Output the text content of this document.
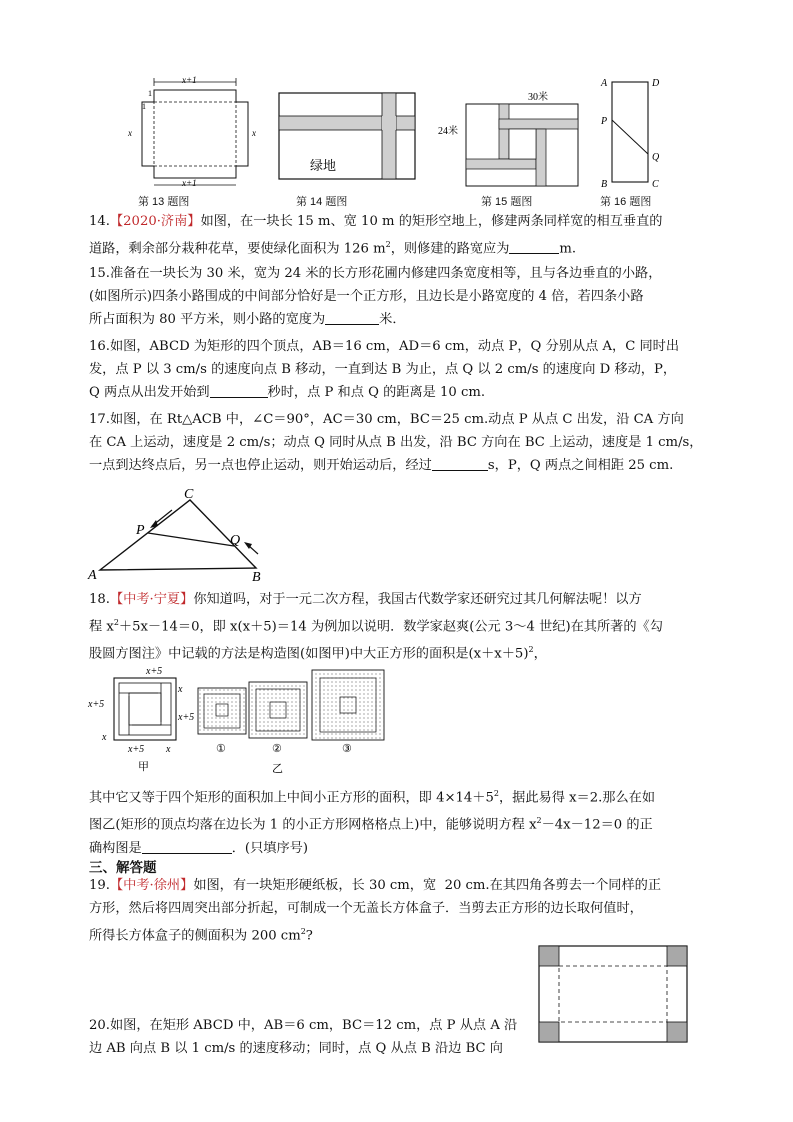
x+1
1
1
x	x
x+1
第 13 题图
绿地
第 14 题图
30米
24米
第 15 题图
A	D
P
Q
B	C
第 16 题图
14.【2020·济南】如图，在一块长 15 m、宽 10 m 的矩形空地上，修建两条同样宽的相互垂直的
道路，剩余部分栽种花草，要使绿化面积为 126 $m^2$，则修建的路宽应为	m.
15.准备在一块长为 30 米，宽为 24 米的长方形花圃内修建四条宽度相等，且与各边垂直的小路，
(如图所示)四条小路围成的中间部分恰好是一个正方形，且边长是小路宽度的 4 倍，若四条小路
所占面积为 80 平方米，则小路的宽度为	米．
16.如图，ABCD 为矩形的四个顶点，AB＝16 cm，AD＝6 cm，动点 P，Q 分别从点 A，C 同时出
发，点 P 以 3 cm/s 的速度向点 B 移动，一直到达 B 为止，点 Q 以 2 cm/s 的速度向 D 移动，P，
Q 两点从出发开始到	秒时，点 P 和点 Q 的距离是 10 cm.
17.如图，在 Rt△ACB 中，∠C＝90°，AC＝30 cm，BC＝25 cm.动点 P 从点 C 出发，沿 CA 方向
在 CA 上运动，速度是 2 cm/s；动点 Q 同时从点 B 出发，沿 BC 方向在 BC 上运动，速度是 1 cm/s，
一点到达终点后，另一点也停止运动，则开始运动后，经过	s，P，Q 两点之间相距 25 cm.
A	B
C
P
Q
18.【中考·宁夏】你知道吗，对于一元二次方程，我国古代数学家还研究过其几何解法呢！以方
程 $x^2+5x-14=0$，即 x(x＋5)＝14 为例加以说明．数学家赵爽(公元 3～4 世纪)在其所著的《勾
股圆方图注》中记载的方法是构造图(如图甲)中大正方形的面积是$(x+x+5)^2$，
x+5
x
x+5
x
x+5
x+5 x
甲
①	②	③
乙
其中它又等于四个矩形的面积加上中间小正方形的面积，即 $4\times 14+5^2$，据此易得 x＝2.那么在如
图乙(矩形的顶点均落在边长为 1 的小正方形网格格点上)中，能够说明方程 $x^2-4x-12=0$ 的正
确构图是	．(只填序号)
三、解答题
19.【中考·徐州】如图，有一块矩形硬纸板，长 30 cm，宽  20 cm.在其四角各剪去一个同样的正
方形，然后将四周突出部分折起，可制成一个无盖长方体盒子．当剪去正方形的边长取何值时，
所得长方体盒子的侧面积为 200 $cm^2$?
20.如图，在矩形 ABCD 中，AB＝6 cm，BC＝12 cm，点 P 从点 A 沿
边 AB 向点 B 以 1 cm/s 的速度移动；同时，点 Q 从点 B 沿边 BC 向
